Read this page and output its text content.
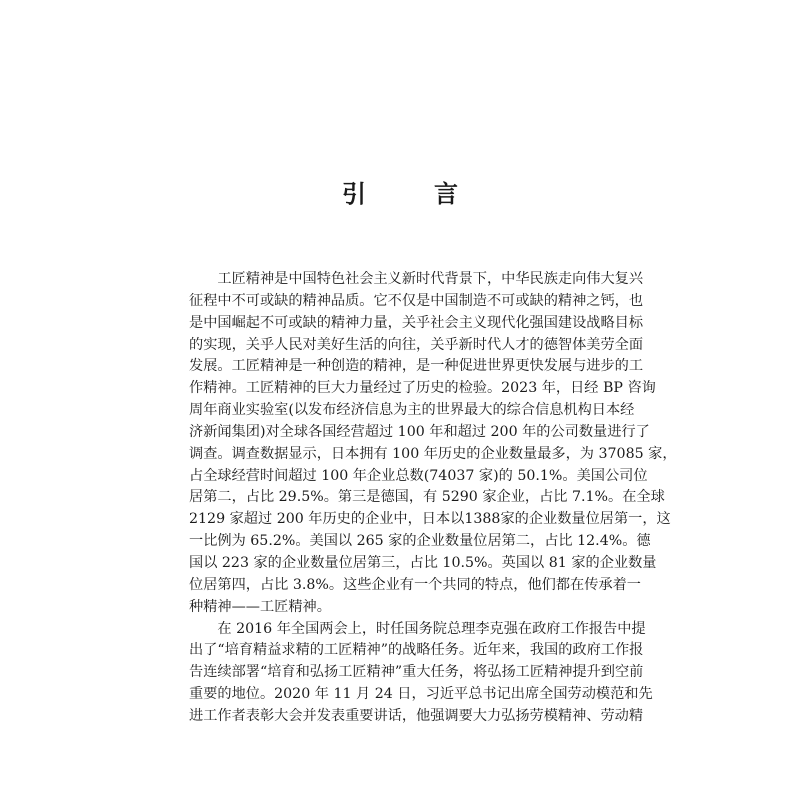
引　言
　　工匠精神是中国特色社会主义新时代背景下，中华民族走向伟大复兴
征程中不可或缺的精神品质。它不仅是中国制造不可或缺的精神之钙，也
是中国崛起不可或缺的精神力量，关乎社会主义现代化强国建设战略目标
的实现，关乎人民对美好生活的向往，关乎新时代人才的德智体美劳全面
发展。工匠精神是一种创造的精神，是一种促进世界更快发展与进步的工
作精神。工匠精神的巨大力量经过了历史的检验。2023 年，日经 BP 咨询
周年商业实验室(以发布经济信息为主的世界最大的综合信息机构日本经
济新闻集团)对全球各国经营超过 100 年和超过 200 年的公司数量进行了
调查。调查数据显示，日本拥有 100 年历史的企业数量最多，为 37085 家，
占全球经营时间超过 100 年企业总数(74037 家)的 50.1%。美国公司位
居第二，占比 29.5%。第三是德国，有 5290 家企业，占比 7.1%。在全球
2129 家超过 200 年历史的企业中，日本以1388家的企业数量位居第一，这
一比例为 65.2%。美国以 265 家的企业数量位居第二，占比 12.4%。德
国以 223 家的企业数量位居第三，占比 10.5%。英国以 81 家的企业数量
位居第四，占比 3.8%。这些企业有一个共同的特点，他们都在传承着一
种精神——工匠精神。
　　在 2016 年全国两会上，时任国务院总理李克强在政府工作报告中提
出了“培育精益求精的工匠精神”的战略任务。近年来，我国的政府工作报
告连续部署“培育和弘扬工匠精神”重大任务，将弘扬工匠精神提升到空前
重要的地位。2020 年 11 月 24 日，习近平总书记出席全国劳动模范和先
进工作者表彰大会并发表重要讲话，他强调要大力弘扬劳模精神、劳动精
